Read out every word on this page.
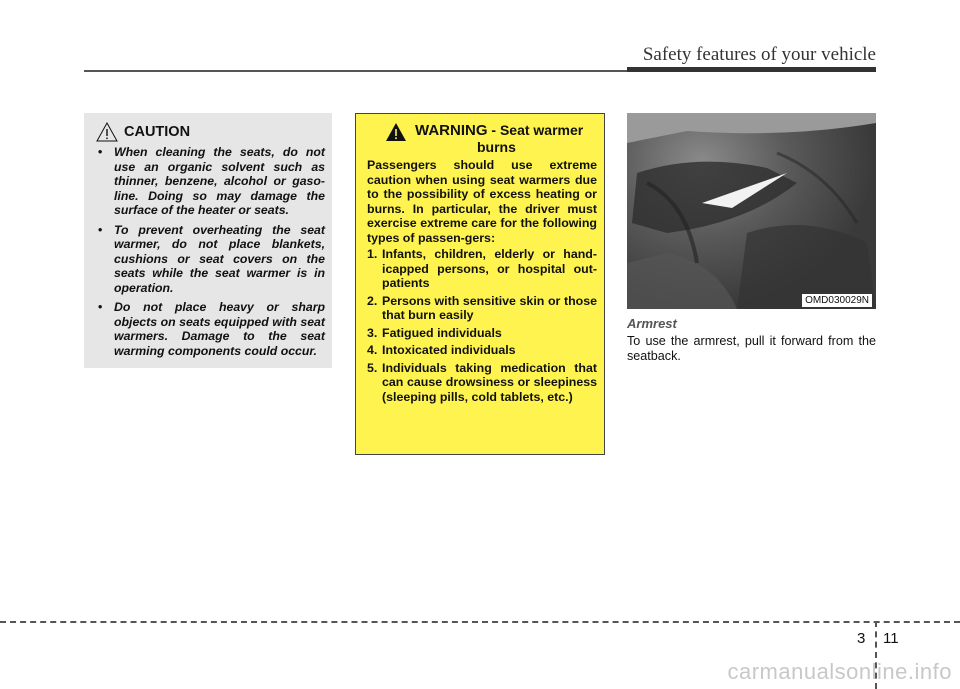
Safety features of your vehicle
CAUTION
• When cleaning the seats, do not use an organic solvent such as thinner, benzene, alcohol or gaso-line. Doing so may damage the surface of the heater or seats.
• To prevent overheating the seat warmer, do not place blankets, cushions or seat covers on the seats while the seat warmer is in operation.
• Do not place heavy or sharp objects on seats equipped with seat warmers. Damage to the seat warming components could occur.
WARNING - Seat warmer
burns
Passengers should use extreme caution when using seat warmers due to the possibility of excess heating or burns. In particular, the driver must exercise extreme care for the following types of passen-gers:
1. Infants, children, elderly or hand-icapped persons, or hospital out-patients
2. Persons with sensitive skin or those that burn easily
3. Fatigued individuals
4. Intoxicated individuals
5. Individuals taking medication that can cause drowsiness or sleepiness (sleeping pills, cold tablets, etc.)
OMD030029N
Armrest
To use the armrest, pull it forward from the seatback.
3 11
carmanualsonline.info
